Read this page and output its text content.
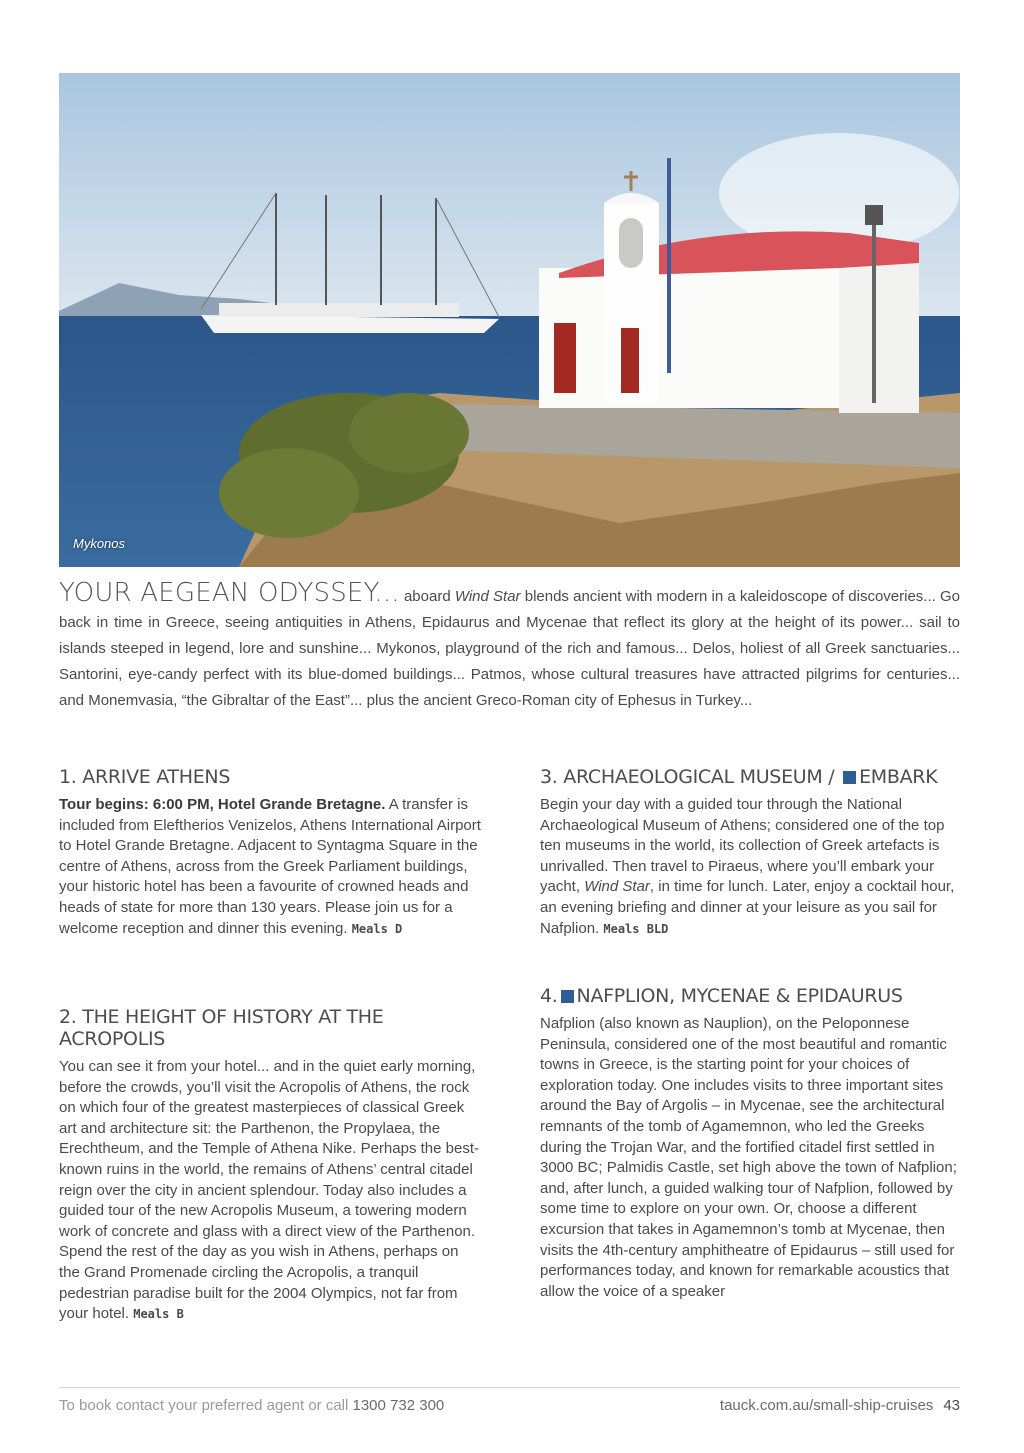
Mykonos
YOUR AEGEAN ODYSSEY... aboard Wind Star blends ancient with modern in a kaleidoscope of discoveries... Go back in time in Greece, seeing antiquities in Athens, Epidaurus and Mycenae that reflect its glory at the height of its power... sail to islands steeped in legend, lore and sunshine... Mykonos, playground of the rich and famous... Delos, holiest of all Greek sanctuaries... Santorini, eye-candy perfect with its blue-domed buildings... Patmos, whose cultural treasures have attracted pilgrims for centuries... and Monemvasia, “the Gibraltar of the East”... plus the ancient Greco-Roman city of Ephesus in Turkey...
1. ARRIVE ATHENS

Tour begins: 6:00 PM, Hotel Grande Bretagne. A transfer is included from Eleftherios Venizelos, Athens International Airport to Hotel Grande Bretagne. Adjacent to Syntagma Square in the centre of Athens, across from the Greek Parliament buildings, your historic hotel has been a favourite of crowned heads and heads of state for more than 130 years. Please join us for a welcome reception and dinner this evening. Meals D

2. THE HEIGHT OF HISTORY AT THE ACROPOLIS

You can see it from your hotel... and in the quiet early morning, before the crowds, you’ll visit the Acropolis of Athens, the rock on which four of the greatest masterpieces of classical Greek art and architecture sit: the Parthenon, the Propylaea, the Erechtheum, and the Temple of Athena Nike. Perhaps the best-known ruins in the world, the remains of Athens’ central citadel reign over the city in ancient splendour. Today also includes a guided tour of the new Acropolis Museum, a towering modern work of concrete and glass with a direct view of the Parthenon. Spend the rest of the day as you wish in Athens, perhaps on the Grand Promenade circling the Acropolis, a tranquil pedestrian paradise built for the 2004 Olympics, not far from your hotel. Meals B

3. ARCHAEOLOGICAL MUSEUM / EMBARK

Begin your day with a guided tour through the National Archaeological Museum of Athens; considered one of the top ten museums in the world, its collection of Greek artefacts is unrivalled. Then travel to Piraeus, where you’ll embark your yacht, Wind Star, in time for lunch. Later, enjoy a cocktail hour, an evening briefing and dinner at your leisure as you sail for Nafplion. Meals BLD

4. NAFPLION, MYCENAE & EPIDAURUS

Nafplion (also known as Nauplion), on the Peloponnese Peninsula, considered one of the most beautiful and romantic towns in Greece, is the starting point for your choices of exploration today. One includes visits to three important sites around the Bay of Argolis – in Mycenae, see the architectural remnants of the tomb of Agamemnon, who led the Greeks during the Trojan War, and the fortified citadel first settled in 3000 BC; Palmidis Castle, set high above the town of Nafplion; and, after lunch, a guided walking tour of Nafplion, followed by some time to explore on your own. Or, choose a different excursion that takes in Agamemnon’s tomb at Mycenae, then visits the 4th-century amphitheatre of Epidaurus – still used for performances today, and known for remarkable acoustics that allow the voice of a speaker

To book contact your preferred agent or call 1300 732 300	tauck.com.au/small-ship-cruises 43
